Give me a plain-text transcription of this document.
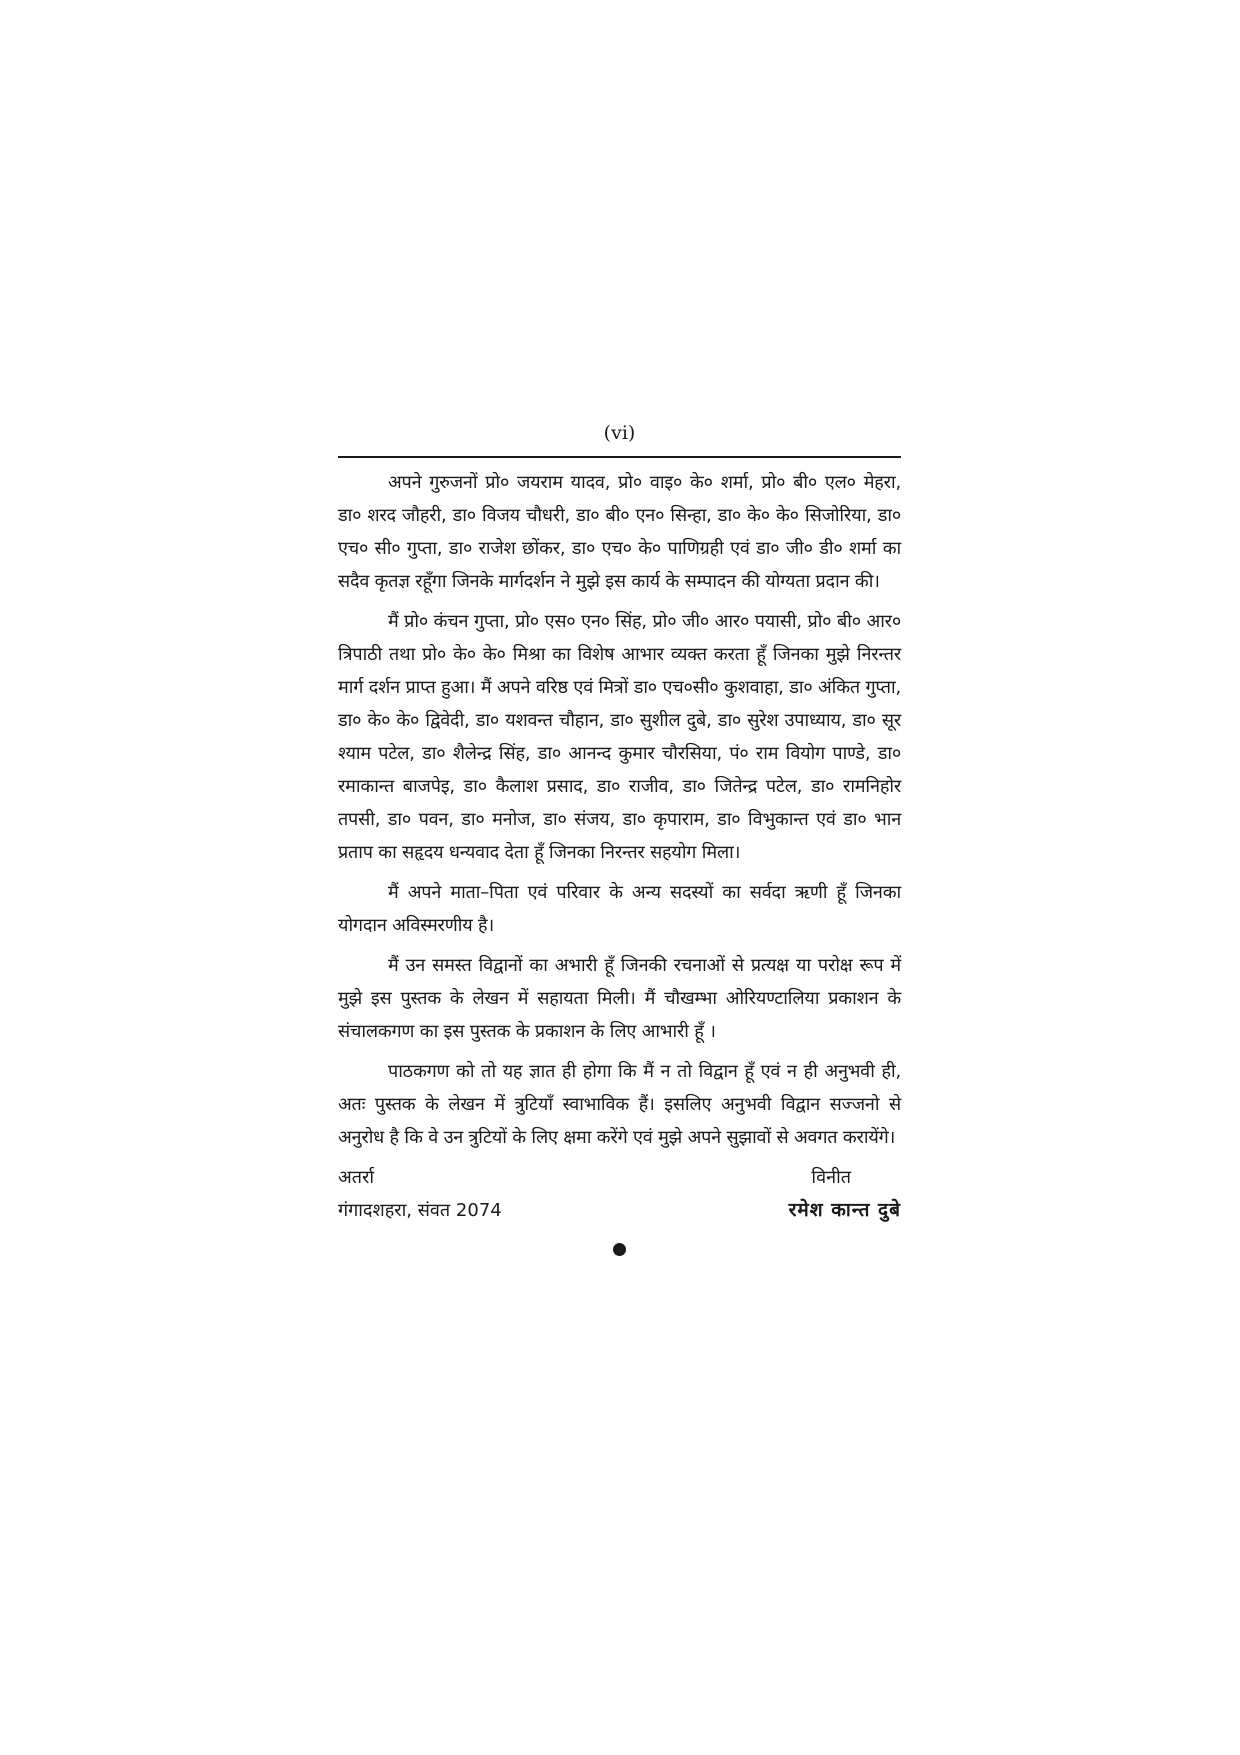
(vi)

अपने गुरुजनों प्रो० जयराम यादव, प्रो० वाइ० के० शर्मा, प्रो० बी० एल० मेहरा, डा० शरद जौहरी, डा० विजय चौधरी, डा० बी० एन० सिन्हा, डा० के० के० सिजोरिया, डा० एच० सी० गुप्ता, डा० राजेश छोंकर, डा० एच० के० पाणिग्रही एवं डा० जी० डी० शर्मा का सदैव कृतज्ञ रहूँगा जिनके मार्गदर्शन ने मुझे इस कार्य के सम्पादन की योग्यता प्रदान की।

मैं प्रो० कंचन गुप्ता, प्रो० एस० एन० सिंह, प्रो० जी० आर० पयासी, प्रो० बी० आर० त्रिपाठी तथा प्रो० के० के० मिश्रा का विशेष आभार व्यक्त करता हूँ जिनका मुझे निरन्तर मार्ग दर्शन प्राप्त हुआ। मैं अपने वरिष्ठ एवं मित्रों डा० एच०सी० कुशवाहा, डा० अंकित गुप्ता, डा० के० के० द्विवेदी, डा० यशवन्त चौहान, डा० सुशील दुबे, डा० सुरेश उपाध्याय, डा० सूर श्याम पटेल, डा० शैलेन्द्र सिंह, डा० आनन्द कुमार चौरसिया, पं० राम वियोग पाण्डे, डा० रमाकान्त बाजपेइ, डा० कैलाश प्रसाद, डा० राजीव, डा० जितेन्द्र पटेल, डा० रामनिहोर तपसी, डा० पवन, डा० मनोज, डा० संजय, डा० कृपाराम, डा० विभुकान्त एवं डा० भान प्रताप का सहृदय धन्यवाद देता हूँ जिनका निरन्तर सहयोग मिला।

मैं अपने माता–पिता एवं परिवार के अन्य सदस्यों का सर्वदा ऋणी हूँ जिनका योगदान अविस्मरणीय है।

मैं उन समस्त विद्वानों का अभारी हूँ जिनकी रचनाओं से प्रत्यक्ष या परोक्ष रूप में मुझे इस पुस्तक के लेखन में सहायता मिली। मैं चौखम्भा ओरियण्टालिया प्रकाशन के संचालकगण का इस पुस्तक के प्रकाशन के लिए आभारी हूँ ।

पाठकगण को तो यह ज्ञात ही होगा कि मैं न तो विद्वान हूँ एवं न ही अनुभवी ही, अतः पुस्तक के लेखन में त्रुटियाँ स्वाभाविक हैं। इसलिए अनुभवी विद्वान सज्जनो से अनुरोध है कि वे उन त्रुटियों के लिए क्षमा करेंगे एवं मुझे अपने सुझावों से अवगत करायेंगे।

अतर्रा
गंगादशहरा, संवत 2074
विनीत
रमेश कान्त दुबे
